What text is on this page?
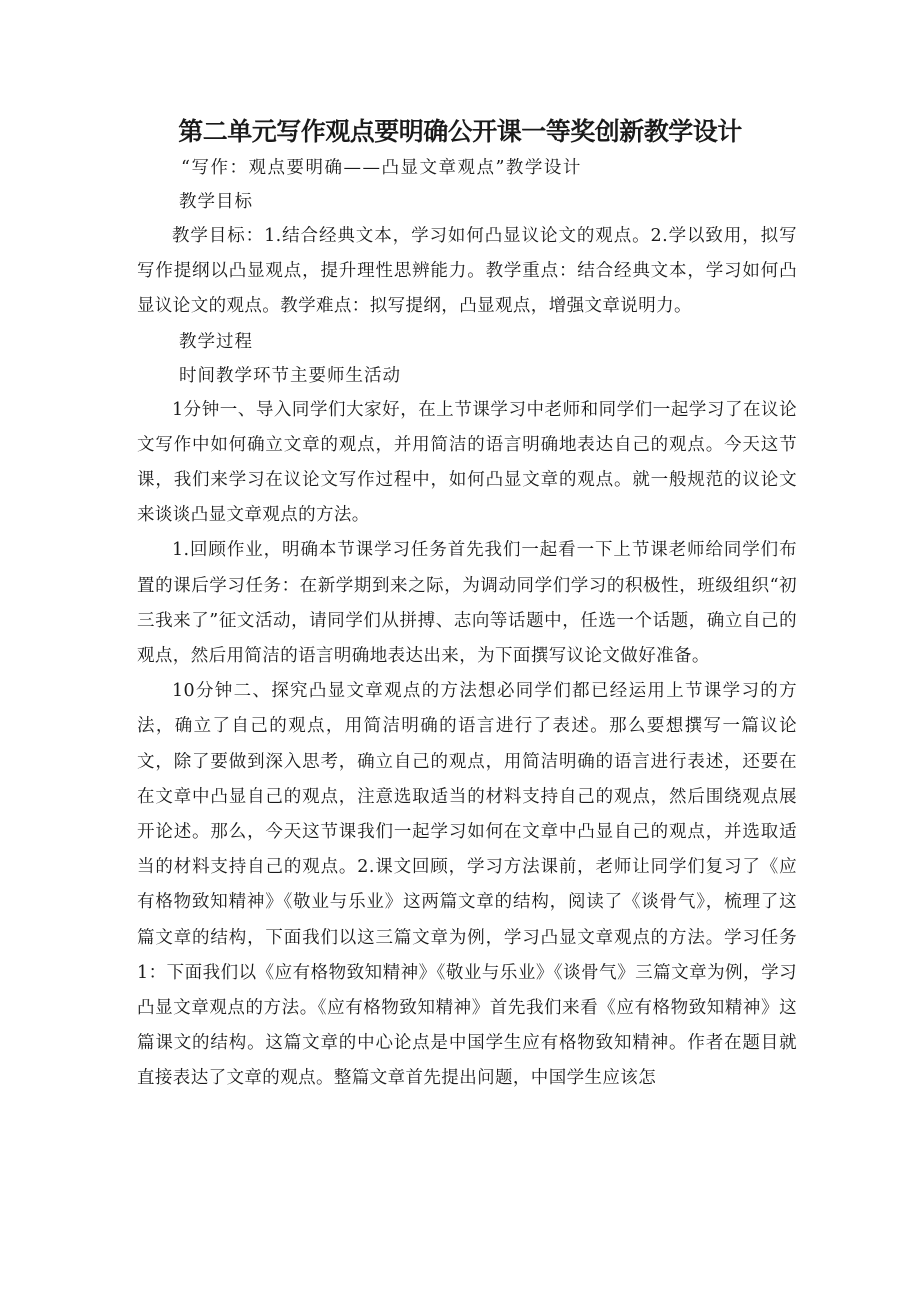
第二单元写作观点要明确公开课一等奖创新教学设计

“写作：观点要明确——凸显文章观点”教学设计

教学目标

教学目标：1.结合经典文本，学习如何凸显议论文的观点。2.学以致用，拟写写作提纲以凸显观点，提升理性思辨能力。教学重点：结合经典文本，学习如何凸显议论文的观点。教学难点：拟写提纲，凸显观点，增强文章说明力。

教学过程

时间教学环节主要师生活动

1分钟一、导入同学们大家好，在上节课学习中老师和同学们一起学习了在议论文写作中如何确立文章的观点，并用简洁的语言明确地表达自己的观点。今天这节课，我们来学习在议论文写作过程中，如何凸显文章的观点。就一般规范的议论文来谈谈凸显文章观点的方法。

1.回顾作业，明确本节课学习任务首先我们一起看一下上节课老师给同学们布置的课后学习任务：在新学期到来之际，为调动同学们学习的积极性，班级组织“初三我来了”征文活动，请同学们从拼搏、志向等话题中，任选一个话题，确立自己的观点，然后用简洁的语言明确地表达出来，为下面撰写议论文做好准备。

10分钟二、探究凸显文章观点的方法想必同学们都已经运用上节课学习的方法，确立了自己的观点，用简洁明确的语言进行了表述。那么要想撰写一篇议论文，除了要做到深入思考，确立自己的观点，用简洁明确的语言进行表述，还要在在文章中凸显自己的观点，注意选取适当的材料支持自己的观点，然后围绕观点展开论述。那么，今天这节课我们一起学习如何在文章中凸显自己的观点，并选取适当的材料支持自己的观点。2.课文回顾，学习方法课前，老师让同学们复习了《应有格物致知精神》《敬业与乐业》这两篇文章的结构，阅读了《谈骨气》，梳理了这篇文章的结构，下面我们以这三篇文章为例，学习凸显文章观点的方法。学习任务1：下面我们以《应有格物致知精神》《敬业与乐业》《谈骨气》三篇文章为例，学习凸显文章观点的方法。《应有格物致知精神》首先我们来看《应有格物致知精神》这篇课文的结构。这篇文章的中心论点是中国学生应有格物致知精神。作者在题目就直接表达了文章的观点。整篇文章首先提出问题，中国学生应该怎
